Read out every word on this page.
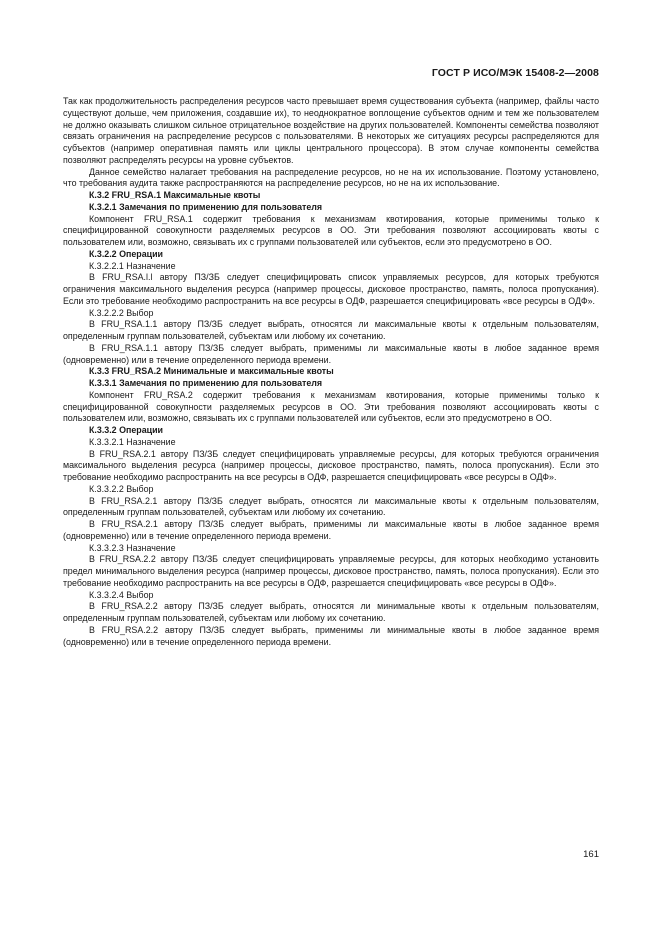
ГОСТ Р ИСО/МЭК 15408-2—2008

Так как продолжительность распределения ресурсов часто превышает время существования субъекта (например, файлы часто существуют дольше, чем приложения, создавшие их), то неоднократное воплощение субъектов одним и тем же пользователем не должно оказывать слишком сильное отрицательное воздействие на других пользователей. Компоненты семейства позволяют связать ограничения на распределение ресурсов с пользователями. В некоторых же ситуациях ресурсы распределяются для субъектов (например оперативная память или циклы центрального процессора). В этом случае компоненты семейства позволяют распределять ресурсы на уровне субъектов.

Данное семейство налагает требования на распределение ресурсов, но не на их использование. Поэтому установлено, что требования аудита также распространяются на распределение ресурсов, но не на их использование.

К.3.2 FRU_RSA.1 Максимальные квоты

К.3.2.1 Замечания по применению для пользователя

Компонент FRU_RSA.1 содержит требования к механизмам квотирования, которые применимы только к специфицированной совокупности разделяемых ресурсов в ОО. Эти требования позволяют ассоциировать квоты с пользователем или, возможно, связывать их с группами пользователей или субъектов, если это предусмотрено в ОО.

К.3.2.2 Операции

К.3.2.2.1 Назначение

В FRU_RSA.l.l автору ПЗ/ЗБ следует специфицировать список управляемых ресурсов, для которых требуются ограничения максимального выделения ресурса (например процессы, дисковое пространство, память, полоса пропускания). Если это требование необходимо распространить на все ресурсы в ОДФ, разрешается специфицировать «все ресурсы в ОДФ».

К.3.2.2.2 Выбор

В FRU_RSA.1.1 автору ПЗ/ЗБ следует выбрать, относятся ли максимальные квоты к отдельным пользователям, определенным группам пользователей, субъектам или любому их сочетанию.

В FRU_RSA.1.1 автору ПЗ/ЗБ следует выбрать, применимы ли максимальные квоты в любое заданное время (одновременно) или в течение определенного периода времени.

К.3.3 FRU_RSA.2 Минимальные и максимальные квоты

К.3.3.1 Замечания по применению для пользователя

Компонент FRU_RSA.2 содержит требования к механизмам квотирования, которые применимы только к специфицированной совокупности разделяемых ресурсов в ОО. Эти требования позволяют ассоциировать квоты с пользователем или, возможно, связывать их с группами пользователей или субъектов, если это предусмотрено в ОО.

К.3.3.2 Операции

К.3.3.2.1 Назначение

В FRU_RSA.2.1 автору ПЗ/ЗБ следует специфицировать управляемые ресурсы, для которых требуются ограничения максимального выделения ресурса (например процессы, дисковое пространство, память, полоса пропускания). Если это требование необходимо распространить на все ресурсы в ОДФ, разрешается специфицировать «все ресурсы в ОДФ».

К.3.3.2.2 Выбор

В FRU_RSA.2.1 автору ПЗ/ЗБ следует выбрать, относятся ли максимальные квоты к отдельным пользователям, определенным группам пользователей, субъектам или любому их сочетанию.

В FRU_RSA.2.1 автору ПЗ/ЗБ следует выбрать, применимы ли максимальные квоты в любое заданное время (одновременно) или в течение определенного периода времени.

К.3.3.2.3 Назначение

В FRU_RSA.2.2 автору ПЗ/ЗБ следует специфицировать управляемые ресурсы, для которых необходимо установить предел минимального выделения ресурса (например процессы, дисковое пространство, память, полоса пропускания). Если это требование необходимо распространить на все ресурсы в ОДФ, разрешается специфицировать «все ресурсы в ОДФ».

К.3.3.2.4 Выбор

В FRU_RSA.2.2 автору ПЗ/ЗБ следует выбрать, относятся ли минимальные квоты к отдельным пользователям, определенным группам пользователей, субъектам или любому их сочетанию.

В FRU_RSA.2.2 автору ПЗ/ЗБ следует выбрать, применимы ли минимальные квоты в любое заданное время (одновременно) или в течение определенного периода времени.

161
